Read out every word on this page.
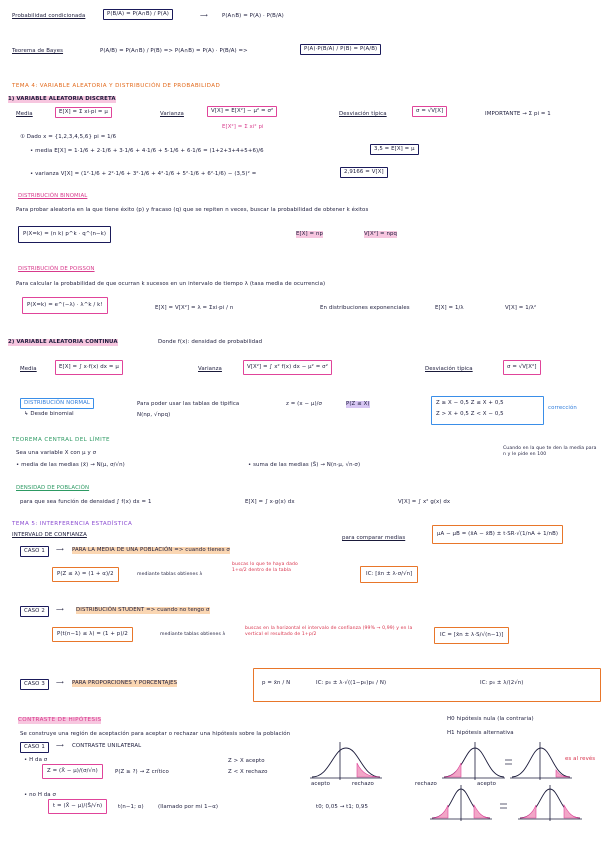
Probabilidad condicionada	P(B/A) = P(A∩B) / P(A)	⟶	P(A∩B) = P(A) · P(B/A)
Teorema de Bayes	P(A/B) = P(A∩B) / P(B) => P(A∩B) = P(A) · P(B/A) =>	P(A)·P(B/A) / P(B) = P(A/B)
TEMA 4: VARIABLE ALEATORIA Y DISTRIBUCIÓN DE PROBABILIDAD
1) VARIABLE ALEATORIA DISCRETA
Media	E[X] = Σ xi·pi = μ	Varianza	V[X] = E[X²] − μ² = σ²	Desviación típica	σ = √V[X]	IMPORTANTE → Σ pi = 1
E[X²] = Σ xi² pi
① Dado x = {1,2,3,4,5,6} pi = 1/6
• media E[X] = 1·1/6 + 2·1/6 + 3·1/6 + 4·1/6 + 5·1/6 + 6·1/6 = (1+2+3+4+5+6)/6	3,5 = E[X] = μ
• varianza V[X] = (1²·1/6 + 2²·1/6 + 3²·1/6 + 4²·1/6 + 5²·1/6 + 6²·1/6) − (3,5)² =	2,9166 = V[X]
DISTRIBUCIÓN BINOMIAL
Para probar aleatoria en la que tiene éxito (p) y fracaso (q) que se repiten n veces, buscar la probabilidad de obtener k éxitos
P(X=k) = (n k) p^k · q^(n−k)	E[X] = np	V[X²] = npq
DISTRIBUCIÓN DE POISSON
Para calcular la probabilidad de que ocurran k sucesos en un intervalo de tiempo λ (tasa media de ocurrencia)
P(X=k) = e^(−λ) · λ^k / k!	E[X] = V[X²] = λ = Σxi·pi / n	En distribuciones exponenciales	E[X] = 1/λ	V[X] = 1/λ²
2) VARIABLE ALEATORIA CONTINUA	Donde f(x): densidad de probabilidad
Media	E[X] = ∫ x·f(x) dx = μ	Varianza	V[X²] = ∫ x² f(x) dx − μ² = σ²	Desviación típica	σ = √V[X²]
DISTRIBUCIÓN NORMAL
↳ Desde binomial
Para poder usar las tablas de tipifica	z = (x − μ)/σ	P(Z ≤ X)
N(np, √npq)
Z ≥ X − 0,5 Z ≤ X + 0,5
Z > X + 0,5 Z < X − 0,5
corrección
TEOREMA CENTRAL DEL LÍMITE
Sea una variable X con μ y σ
• media de las medias (x̄) → N(μ, σ/√n)	• suma de las medias (S̄) → N(n·μ, √n·σ)
Cuando en la que te den la media para n y le pide en 100
DENSIDAD DE POBLACIÓN
para que sea función de densidad ∫ f(x) dx = 1	E[X] = ∫ x·g(x) dx	V[X] = ∫ x² g(x) dx
TEMA 5: INTERFERENCIA ESTADÍSTICA
INTERVALO DE CONFIANZA	para comparar medias
μA − μB = (x̄A − x̄B) ± t·SR·√(1/nA + 1/nB)
CASO 1	⟶ PARA LA MEDIA DE UNA POBLACIÓN => cuando tienes σ
P(Z ≤ λ) = (1 + α)/2	mediante tablas obtienes λ
buscas lo que te haya dado 1+α/2 dentro de la tabla
IC: [x̄n ± λ·σ/√n]
CASO 2	⟶ DISTRIBUCIÓN STUDENT => cuando no tengo σ
P(t(n−1) ≤ λ) = (1 + p)/2	mediante tablas obtienes λ
buscas en la horizontal el intervalo de confianza (99% → 0,99) y en la vertical el resultado de 1+p/2	IC = [x̄n ± λ·S/√(n−1)]
CASO 3	⟶ PARA PROPORCIONES Y PORCENTAJES	p = x̄n / N	IC: p₀ ± λ·√((1−p₀)p₀ / N)	IC: p₀ ± λ/(2√n)
CONTRASTE DE HIPÓTESIS
Se construye una región de aceptación para aceptar o rechazar una hipótesis sobre la población
H0 hipótesis nula (la contraria)
H1 hipótesis alternativa
CASO 1	⟶ CONTRASTE UNILATERAL
• H da σ
Z = (X̄ − μ)/(σ/√n)	P(Z ≥ ?) → Z crítico
Z > X acepto
Z < X rechazo
• no H da σ
t = (X̄ − μ)/(Ŝ/√n)	t(n−1; α)	(llamado por mi 1−α)	t0; 0,05 → t1; 0,95
acepto	rechazo	rechazo	acepto
es al revés
